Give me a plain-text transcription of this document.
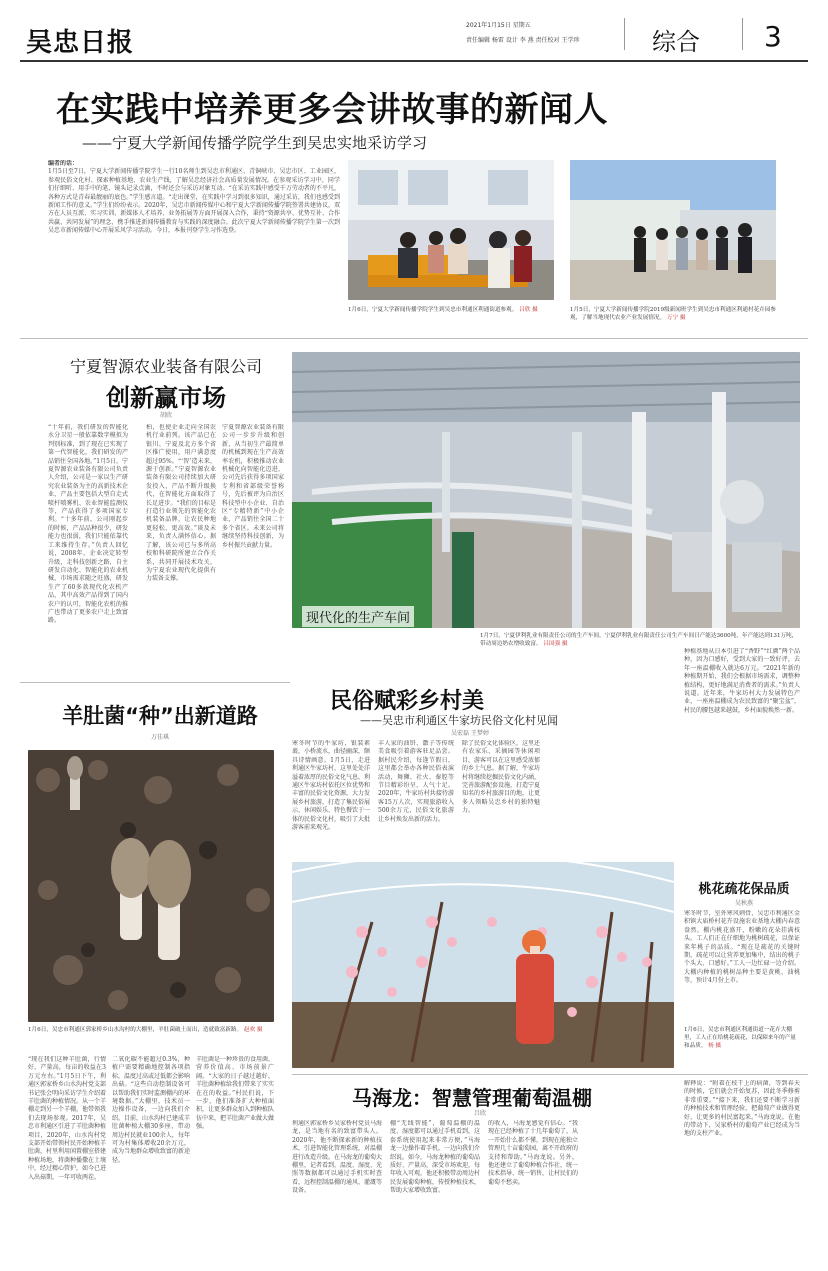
吴忠日报
2021年1月15日 星期五
责任编辑 杨雷 设计 李 燕 责任校对 王学珍	综合 3
在实践中培养更多会讲故事的新闻人
——宁夏大学新闻传播学院学生到吴忠实地采访学习
编者的话：
1月5日至7日，宁夏大学新闻传播学院学生一行10名师生到吴忠市利通区、青铜峡市、吴忠市区、工业园区，参观民俗文化村、探索种植基地、农业生产线，了解吴忠经济社会高质量发展情况。在参观采访学习中，同学们仔细听、用手中的笔、镜头记录点滴，不时还会与采访对象互动。“在采访实践中感受千万劳动者的不平凡，各种方式是青春最靓丽的底色。”学生感言道。“走出课堂，在实践中学习到很多知识，通过采访，我们也感受到新闻工作的意义。”学生们纷纷表示。2020年，吴忠市新闻传媒中心和宁夏大学新闻传播学院签署共建协议，双方在人员互派、实习实训、新媒体人才培养、业务拓展等方面开展深入合作，秉持“资源共享、优势互补、合作共赢、共同发展”的理念，携手推进新闻传播教育与实践的深度融合。此次宁夏大学新闻传播学院学生第一次到吴忠市新闻传媒中心开展采风学习活动。今日，本报刊登学生习作选登。
1月6日，宁夏大学新闻传播学院学生到吴忠市利通区利通街道参观。 吕欣 摄	1月5日，宁夏大学新闻传播学院2019级新闻班学生到吴忠市利通区利通村花卉园参观，了解当地现代农业产业发展情况。 万宁 摄
宁夏智源农业装备有限公司
创新赢市场
胡欣
“十年前，我们研发的智能化水分卫星一般依靠数字模拟为判别标准，到了现在已实现了第一代智能化，我们研发的产品销往全国各地。”1月5日，宁夏智源农业装备有限公司负责人介绍，公司是一家以生产研究农业装备为主的高新技术企业，产品主要包括大型自走式喷杆喷雾机、农业智能监测仪等，产品获得了多项国家专利。“十多年前，公司刚起步的时候，产品品种很少，研发能力也很弱，我们只能依靠代工来维持生存。”负责人回忆说，2008年，企业决定转型升级，走科技创新之路，自主研发自动化、智能化的农业机械，市场需求随之旺盛，研发生产了60多款现代化农机产品，其中高效产品得到了国内农户的认可，智能化农机的推广也带动了更多农户走上致富路。
柏，也使企业走向全国农机行业前列。该产品已在银川、宁夏及北方多个省区推广使用，用户满意度超过95%。“‘智’造未来，源于创新。”宁夏智源农业装备有限公司持续加大研发投入，产品不断升级换代，在智能化方面取得了长足进步。“我们的目标是打造行业领先的智能化农机装备品牌，让农民种地更轻松、更高效。”谈及未来，负责人满怀信心。据了解，该公司已与多所高校和科研院所建立合作关系，共同开展技术攻关，为宁夏农业现代化提供有力装备支撑。
宁夏智源农业装备有限公司一步步升级和创新，从当初生产最简单的机械到现在生产高效率农机，积极推动农业机械化向智能化迈进，公司先后获得多项国家专利和省部级荣誉称号，先后被评为自治区科技型中小企业、自治区“专精特新”中小企业，产品销往全国二十多个省区。未来公司将继续坚持科技创新，为乡村振兴贡献力量。
现代化的生产车间
1月7日，宁夏伊利乳业有限责任公司的生产车间。宁夏伊利乳业有限责任公司生产车间日产能达3600吨，年产能达到131万吨，带动周边奶农增收致富。 吕国强 摄
羊肚菌“种”出新道路
万佳琪
1月6日，吴忠市利通区郭家桥乡山水沟村的大棚里，羊肚菌破土而出，造就致富新路。 赵欢 摄
“现在我们这种羊肚菌，行情好，产量高，每亩的收益在3万元左右。”1月5日下午，利通区郭家桥乡山水沟村党支部书记张会明向采访学生介绍着羊肚菌的种植情况。从一个羊棚走到另一个羊棚，他带领我们去现场参观。2017年，吴忠市利通区引进了羊肚菌种植项目，2020年，山水沟村党支部开始带领村民开始种植羊肚菌，村里利用闲置棚室搭建种植场地，将菌种播撒在土壤中，经过精心管护，如今已进入出菇期，一年可收两茬。
二氧化碳不能超过0.3%，种植户需要精确地控制各项指标，温度过高或过低都会影响出菇。“这些自动控制设备可以帮助我们实时监测棚内的环境数据。”大棚里，技术员一边操作设备，一边向我们介绍。目前，山水沟村已建成羊肚菌种植大棚30多座，带动周边村民就业100余人，每年可为村集体增收20余万元，成为当地群众增收致富的新途径。
羊肚菌是一种珍贵的食用菌，营养价值高、市场前景广阔。“大家的日子越过越好，羊肚菌种植给我们带来了实实在在的收益。”村民们说，下一步，他们准备扩大种植面积，让更多群众加入到种植队伍中来，把羊肚菌产业做大做强。
民俗赋彩乡村美
——吴忠市利通区牛家坊民俗文化村见闻
吴宏磊 王梦婷
寒冬时节的牛家坊，银装素裹，小桥流水，曲径幽深，颇具诗情画意。1月5日，走进利通区牛家坊村，这里处处洋溢着浓厚的民俗文化气息。利通区牛家坊村依托区位优势和丰富的民俗文化资源，大力发展乡村旅游，打造了集民俗展示、休闲娱乐、特色餐饮于一体的民俗文化村，吸引了大批游客前来观光。
丰人家的油饼、馓子等传统美食吸引着游客驻足品尝。据村民介绍，每逢节假日，这里都会举办各种民俗表演活动，舞狮、社火、秦腔等节目精彩纷呈，人气十足。2020年，牛家坊村共接待游客15万人次，实现旅游收入500余万元，民俗文化旅游让乡村焕发出新的活力。
除了民俗文化体验区，这里还有农家乐、采摘园等休闲项目，游客可以在这里感受浓郁的乡土气息。据了解，牛家坊村将继续挖掘民俗文化内涵，完善旅游配套设施，打造宁夏知名的乡村旅游目的地，让更多人领略吴忠乡村的独特魅力。
种植基地从日本引进了“香野”“红颜”两个品种，因为口感好，受到大家的一致好评，去年一座温棚收入就达6万元。“2021年新的种植期开始，我们会根据市场需求，调整种植结构，更好地满足消费者的需求。”负责人说道。近年来，牛家坊村大力发展特色产业，一座座温棚成为农民致富的“聚宝盆”，村民的腰包越来越鼓，乡村面貌焕然一新。
桃花疏花保品质
吴秋燕
寒冬时节，室外寒风刺骨，吴忠市利通区金积镇大庙桥村花卉设施农业基地大棚内春意盎然，棚内桃花盛开，粉嫩的花朵挂满枝头。工人们正在仔细地为桃树疏花，以保证来年桃子的品质。“现在是疏花的关键时期，疏花可以让营养更加集中，结出的桃子个头大、口感好。”工人一边忙碌一边介绍。大棚内种植的桃树品种主要是黄桃、油桃等，预计4月份上市。
1月6日，吴忠市利通区利通街道一花卉大棚里，工人正在给桃花疏花，以保障来年的产量和品质。 杨 摄
马海龙：智慧管理葡萄温棚
吕欣
利通区郭家桥乡吴家桥村党员马海龙，是当地有名的致富带头人。2020年，他不断探索新的种植技术，引进智能化管理系统，对温棚进行改造升级。在马海龙的葡萄大棚里，记者看到，温度、湿度、光照等数据都可以通过手机实时查看，远程控制温棚的通风、灌溉等设备。
棚“无线智能”，葡萄温棚的温度、湿度都可以通过手机看到，这套系统使用起来非常方便，”马海龙一边操作着手机，一边向我们介绍说。如今，马海龙种植的葡萄品质好、产量高，深受市场欢迎，每年收入可观。他还积极带动周边村民发展葡萄种植，传授种植技术，帮助大家增收致富。
的收入，马海龙感觉有信心。“我现在已经种植了十几年葡萄了，从一开始什么都不懂，到现在能独立管理几十亩葡萄园，离不开政府的支持和帮助。”马海龙说。另外，他还建立了葡萄种植合作社，统一技术指导、统一销售，让村民们的葡萄不愁卖。
解释说：“附着在枝干上的病菌，等到春天的时候，它们就会开始复苏，因此冬季修剪非常重要。”“接下来，我们还要不断学习新的种植技术和管理经验，把葡萄产业做得更好，让更多的村民富起来。”马海龙说。在他的带动下，吴家桥村的葡萄产业已经成为当地的支柱产业。
